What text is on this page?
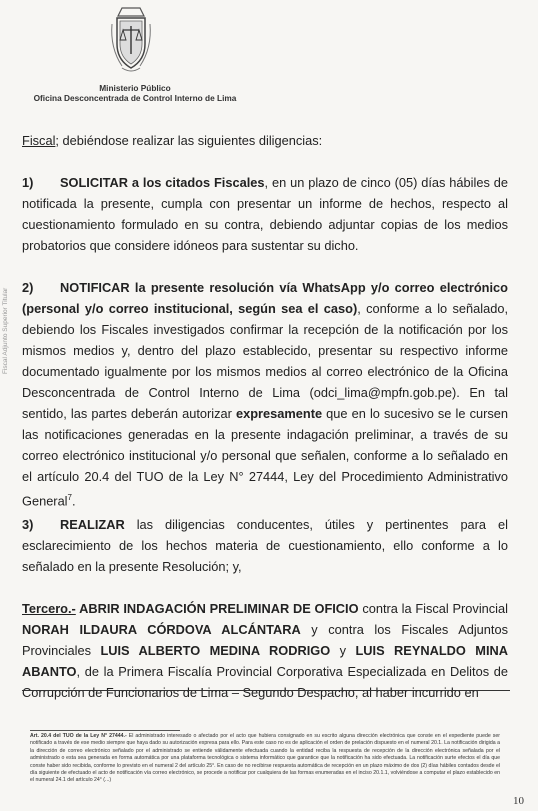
Ministerio Público
Oficina Desconcentrada de Control Interno de Lima
Fiscal Adjunto Superior Titular
Fiscal; debiéndose realizar las siguientes diligencias:
1) SOLICITAR a los citados Fiscales, en un plazo de cinco (05) días hábiles de notificada la presente, cumpla con presentar un informe de hechos, respecto al cuestionamiento formulado en su contra, debiendo adjuntar copias de los medios probatorios que considere idóneos para sustentar su dicho.
2) NOTIFICAR la presente resolución vía WhatsApp y/o correo electrónico (personal y/o correo institucional, según sea el caso), conforme a lo señalado, debiendo los Fiscales investigados confirmar la recepción de la notificación por los mismos medios y, dentro del plazo establecido, presentar su respectivo informe documentado igualmente por los mismos medios al correo electrónico de la Oficina Desconcentrada de Control Interno de Lima (odci_lima@mpfn.gob.pe). En tal sentido, las partes deberán autorizar expresamente que en lo sucesivo se le cursen las notificaciones generadas en la presente indagación preliminar, a través de su correo electrónico institucional y/o personal que señalen, conforme a lo señalado en el artículo 20.4 del TUO de la Ley N° 27444, Ley del Procedimiento Administrativo General$^7$.
3) REALIZAR las diligencias conducentes, útiles y pertinentes para el esclarecimiento de los hechos materia de cuestionamiento, ello conforme a lo señalado en la presente Resolución; y,
Tercero.- ABRIR INDAGACIÓN PRELIMINAR DE OFICIO contra la Fiscal Provincial NORAH ILDAURA CÓRDOVA ALCÁNTARA y contra los Fiscales Adjuntos Provinciales LUIS ALBERTO MEDINA RODRIGO y LUIS REYNALDO MINA ABANTO, de la Primera Fiscalía Provincial Corporativa Especializada en Delitos de Corrupción de Funcionarios de Lima – Segundo Despacho, al haber incurrido en
Art. 20.4 del TUO de la Ley N° 27444.- El administrado interesado o afectado por el acto que hubiera consignado en su escrito alguna dirección electrónica que conste en el expediente puede ser notificado a través de ese medio siempre que haya dado su autorización expresa para ello. Para este caso no es de aplicación el orden de prelación dispuesto en el numeral 20.1. La notificación dirigida a la dirección de correo electrónico señalado por el administrado se entiende válidamente efectuada cuando la entidad reciba la respuesta de recepción de la dirección electrónica señalada por el administrado o esta sea generada en forma automática por una plataforma tecnológica o sistema informático que garantice que la notificación ha sido efectuada. La notificación surte efectos el día que conste haber sido recibida, conforme lo previsto en el numeral 2 del artículo 25°. En caso de no recibirse respuesta automática de recepción en un plazo máximo de dos (2) días hábiles contados desde el día siguiente de efectuado el acto de notificación vía correo electrónico, se procede a notificar por cualquiera de las formas enumeradas en el inciso 20.1.1, volviéndose a computar el plazo establecido en el numeral 24.1 del artículo 24° (...)
10
